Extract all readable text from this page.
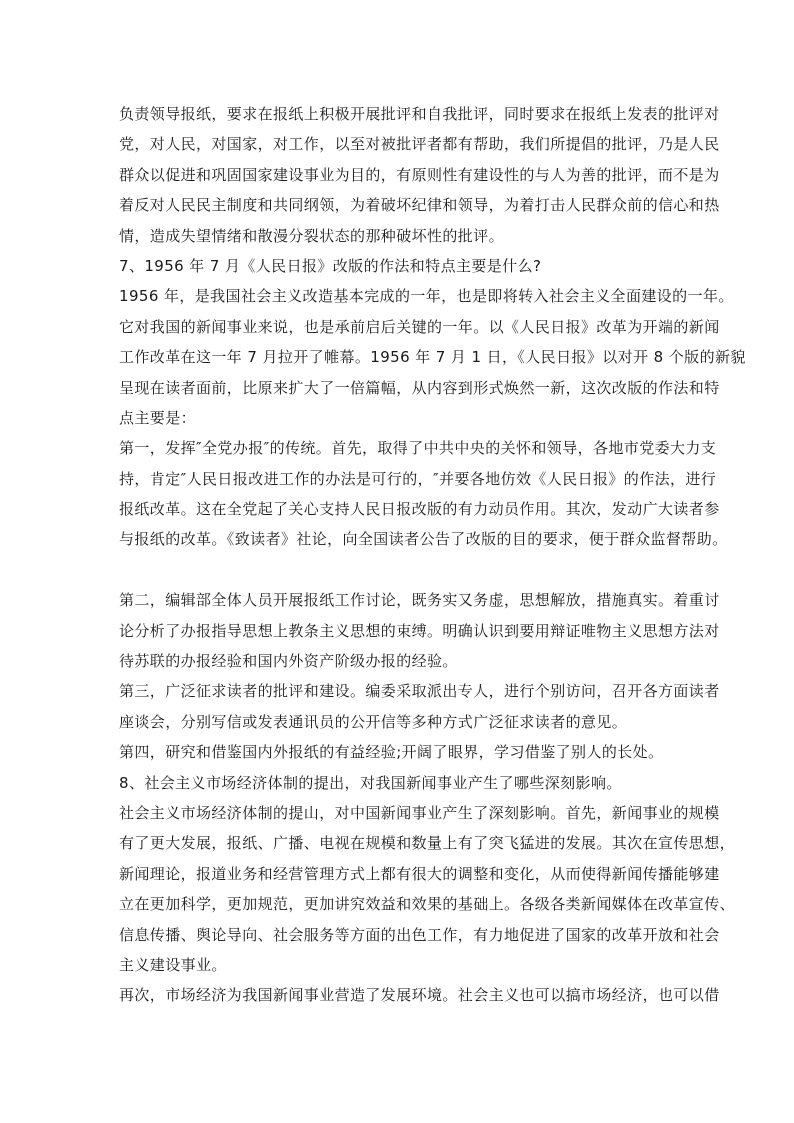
负责领导报纸，要求在报纸上积极开展批评和自我批评，同时要求在报纸上发表的批评对
党，对人民，对国家，对工作，以至对被批评者都有帮助，我们所提倡的批评，乃是人民
群众以促进和巩固国家建设事业为目的，有原则性有建设性的与人为善的批评，而不是为
着反对人民民主制度和共同纲领，为着破坏纪律和领导，为着打击人民群众前的信心和热
情，造成失望情绪和散漫分裂状态的那种破坏性的批评。
7、1956 年 7 月《人民日报》改版的作法和特点主要是什么?
1956 年，是我国社会主义改造基本完成的一年，也是即将转入社会主义全面建设的一年。
它对我国的新闻事业来说，也是承前启后关键的一年。以《人民日报》改革为开端的新闻
工作改革在这一年 7 月拉开了帷幕。1956 年 7 月 1 日，《人民日报》以对开 8 个版的新貌
呈现在读者面前，比原来扩大了一倍篇幅，从内容到形式焕然一新，这次改版的作法和特
点主要是：
第一，发挥″全党办报″的传统。首先，取得了中共中央的关怀和领导，各地市党委大力支
持，肯定″人民日报改进工作的办法是可行的，″并要各地仿效《人民日报》的作法，进行
报纸改革。这在全党起了关心支持人民日报改版的有力动员作用。其次，发动广大读者参
与报纸的改革。《致读者》社论，向全国读者公告了改版的目的要求，便于群众监督帮助。
第二，编辑部全体人员开展报纸工作讨论，既务实又务虚，思想解放，措施真实。着重讨
论分析了办报指导思想上教条主义思想的束缚。明确认识到要用辩证唯物主义思想方法对
待苏联的办报经验和国内外资产阶级办报的经验。
第三，广泛征求读者的批评和建设。编委采取派出专人，进行个别访问，召开各方面读者
座谈会，分别写信或发表通讯员的公开信等多种方式广泛征求读者的意见。
第四，研究和借鉴国内外报纸的有益经验;开阔了眼界，学习借鉴了别人的长处。
8、社会主义市场经济体制的提出，对我国新闻事业产生了哪些深刻影响。
社会主义市场经济体制的提山，对中国新闻事业产生了深刻影响。首先，新闻事业的规模
有了更大发展，报纸、广播、电视在规模和数量上有了突飞猛进的发展。其次在宣传思想，
新闻理论，报道业务和经营管理方式上都有很大的调整和变化，从而使得新闻传播能够建
立在更加科学，更加规范，更加讲究效益和效果的基础上。各级各类新闻媒体在改革宣传、
信息传播、舆论导向、社会服务等方面的出色工作，有力地促进了国家的改革开放和社会
主义建设事业。
再次，市场经济为我国新闻事业营造了发展环境。社会主义也可以搞市场经济，也可以借
